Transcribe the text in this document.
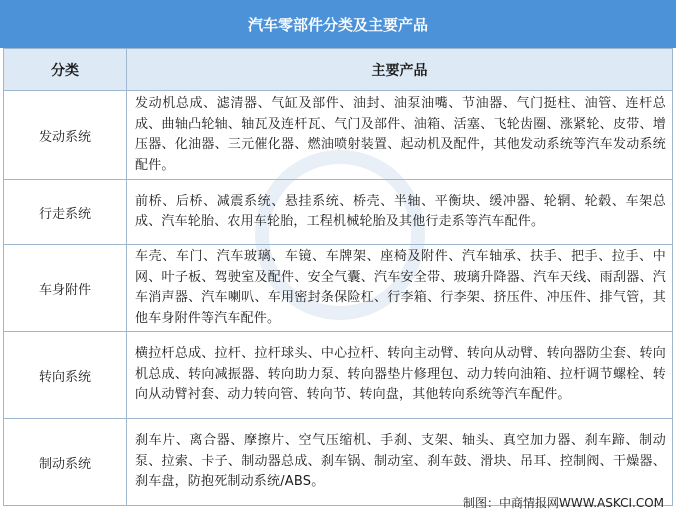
汽车零部件分类及主要产品
分类	主要产品
发动系统	发动机总成、滤清器、气缸及部件、油封、油泵油嘴、节油器、气门挺柱、油管、连杆总成、曲轴凸轮轴、轴瓦及连杆瓦、气门及部件、油箱、活塞、飞轮齿圈、涨紧轮、皮带、增压器、化油器、三元催化器、燃油喷射装置、起动机及配件，其他发动系统等汽车发动系统配件。
行走系统	前桥、后桥、减震系统、悬挂系统、桥壳、半轴、平衡块、缓冲器、轮辋、轮毂、车架总成、汽车轮胎、农用车轮胎，工程机械轮胎及其他行走系等汽车配件。
车身附件	车壳、车门、汽车玻璃、车镜、车牌架、座椅及附件、汽车轴承、扶手、把手、拉手、中网、叶子板、驾驶室及配件、安全气囊、汽车安全带、玻璃升降器、汽车天线、雨刮器、汽车消声器、汽车喇叭、车用密封条保险杠、行李箱、行李架、挤压件、冲压件、排气管，其他车身附件等汽车配件。
转向系统	横拉杆总成、拉杆、拉杆球头、中心拉杆、转向主动臂、转向从动臂、转向器防尘套、转向机总成、转向减振器、转向助力泵、转向器垫片修理包、动力转向油箱、拉杆调节螺栓、转向从动臂衬套、动力转向管、转向节、转向盘，其他转向系统等汽车配件。
制动系统	刹车片、离合器、摩擦片、空气压缩机、手刹、支架、轴头、真空加力器、刹车蹄、制动泵、拉索、卡子、制动器总成、刹车锅、制动室、刹车鼓、滑块、吊耳、控制阀、干燥器、刹车盘，防抱死制动系统/ABS。
制图：中商情报网WWW.ASKCI.COM
